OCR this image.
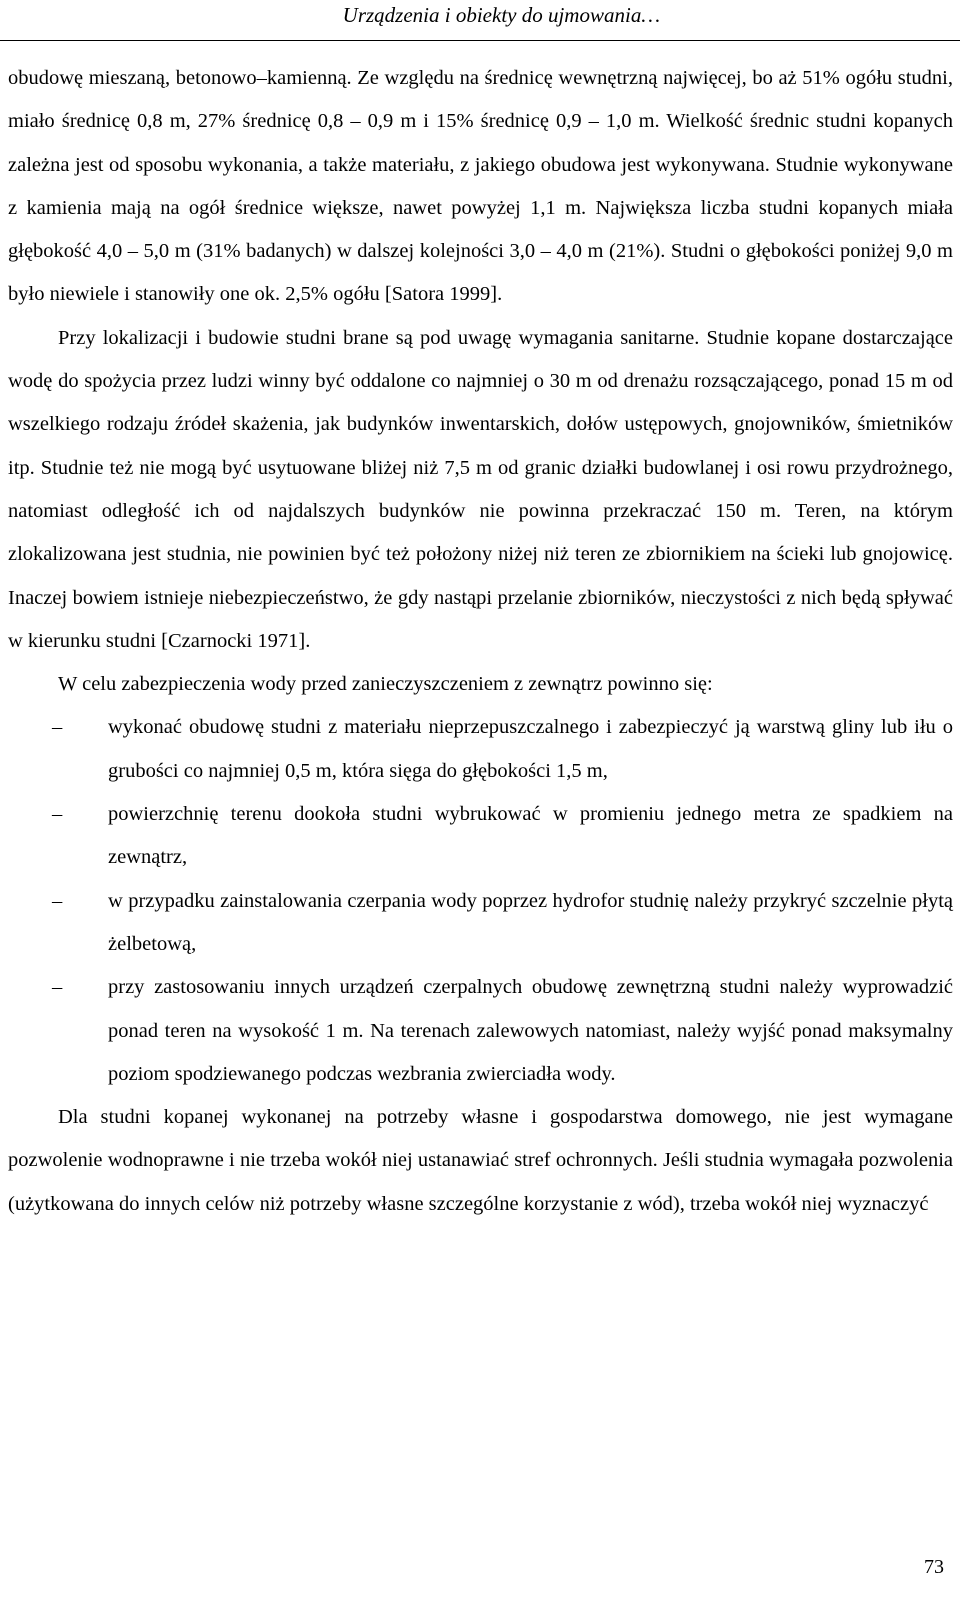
Urządzenia i obiekty do ujmowania…

obudowę mieszaną, betonowo–kamienną. Ze względu na średnicę wewnętrzną najwięcej, bo aż 51% ogółu studni, miało średnicę 0,8 m, 27% średnicę 0,8 – 0,9 m i 15% średnicę 0,9 – 1,0 m. Wielkość średnic studni kopanych zależna jest od sposobu wykonania, a także materiału, z jakiego obudowa jest wykonywana. Studnie wykonywane z kamienia mają na ogół średnice większe, nawet powyżej 1,1 m. Największa liczba studni kopanych miała głębokość 4,0 – 5,0 m (31% badanych) w dalszej kolejności 3,0 – 4,0 m (21%). Studni o głębokości poniżej 9,0 m było niewiele i stanowiły one ok. 2,5% ogółu [Satora 1999].

Przy lokalizacji i budowie studni brane są pod uwagę wymagania sanitarne. Studnie kopane dostarczające wodę do spożycia przez ludzi winny być oddalone co najmniej o 30 m od drenażu rozsączającego, ponad 15 m od wszelkiego rodzaju źródeł skażenia, jak budynków inwentarskich, dołów ustępowych, gnojowników, śmietników itp. Studnie też nie mogą być usytuowane bliżej niż 7,5 m od granic działki budowlanej i osi rowu przydrożnego, natomiast odległość ich od najdalszych budynków nie powinna przekraczać 150 m. Teren, na którym zlokalizowana jest studnia, nie powinien być też położony niżej niż teren ze zbiornikiem na ścieki lub gnojowicę. Inaczej bowiem istnieje niebezpieczeństwo, że gdy nastąpi przelanie zbiorników, nieczystości z nich będą spływać w kierunku studni [Czarnocki 1971].

W celu zabezpieczenia wody przed zanieczyszczeniem z zewnątrz powinno się:

– wykonać obudowę studni z materiału nieprzepuszczalnego i zabezpieczyć ją warstwą gliny lub iłu o grubości co najmniej 0,5 m, która sięga do głębokości 1,5 m,
– powierzchnię terenu dookoła studni wybrukować w promieniu jednego metra ze spadkiem na zewnątrz,
– w przypadku zainstalowania czerpania wody poprzez hydrofor studnię należy przykryć szczelnie płytą żelbetową,
– przy zastosowaniu innych urządzeń czerpalnych obudowę zewnętrzną studni należy wyprowadzić ponad teren na wysokość 1 m. Na terenach zalewowych natomiast, należy wyjść ponad maksymalny poziom spodziewanego podczas wezbrania zwierciadła wody.

Dla studni kopanej wykonanej na potrzeby własne i gospodarstwa domowego, nie jest wymagane pozwolenie wodnoprawne i nie trzeba wokół niej ustanawiać stref ochronnych. Jeśli studnia wymagała pozwolenia (użytkowana do innych celów niż potrzeby własne szczególne korzystanie z wód), trzeba wokół niej wyznaczyć

73
